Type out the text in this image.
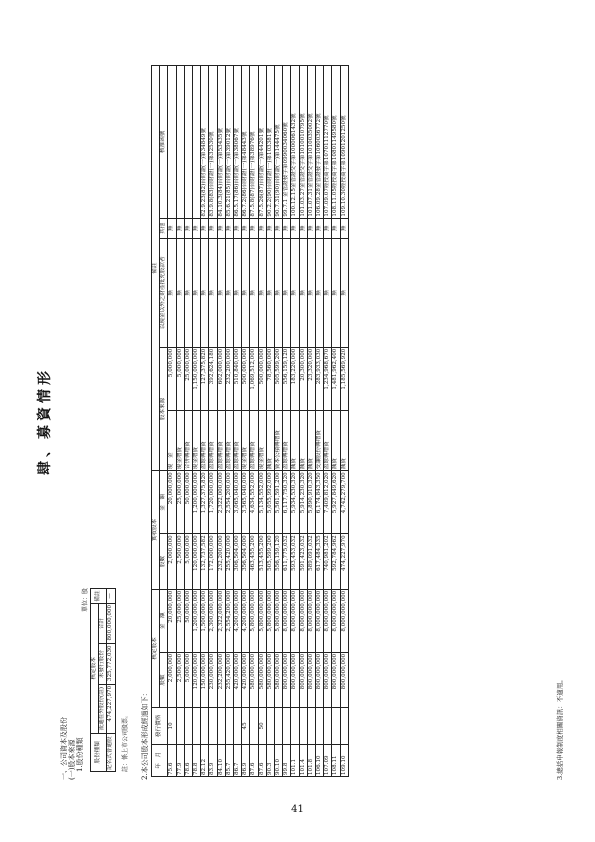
肆、募資情形
一、公司資本及股份 (一)股本來源 1.股份種類
單位：股
股份種類	核定股本			備註
	流通在外股份(註)	未發行股份	合計	
記名式普通股	474,227,970	325,772,030	800,000,000	—
註：係上市公司股票。 2.本公司股本形成經過如下： 年　月	發行價格	核定股本		實收股本		備註				
		股數	金　額	股數	金　額	股本來源		以現金以外之財產抵充股款者	其他	核准函號
75.6	10	2,000,000	20,000,000	2,000,000	20,000,000	現　金	5,000,000	無	無	
77.9		2,500,000	25,000,000	2,500,000	25,000,000	現金增資	5,000,000	無	無	
78.6		5,000,000	50,000,000	5,000,000	50,000,000	合併轉增資	25,000,000	無	無	
78.8		120,000,000	1,200,000,000	120,000,000	1,200,000,000	現金增資	1,150,000,000	無	無	
82.12		150,000,000	1,500,000,000	132,737,582	1,327,375,820	盈餘轉增資	127,375,820	無	無	82.9.23(82)台財證(一)第34849號
83.9		230,000,000	2,300,000,000	172,000,000	1,720,000,000	盈餘轉增資	392,624,180	無	無	83.9.8(83)台財證(一)第32530號
84.10		232,200,000	2,322,000,000	232,200,000	2,322,000,000	盈餘轉增資	602,000,000	無	無	84.10.3(84)台財證(一)第53435號
85.7		255,420,000	2,554,200,000	255,420,000	2,554,200,000	盈餘轉增資	232,200,000	無	無	85.6.21(85)台財證(一)第39012號
86.7		420,000,000	4,200,000,000	306,504,000	3,065,040,000	盈餘轉增資	510,840,000	無	無	86.5.17(86)台財證(一)第38067號
86.9	45	420,000,000	4,200,000,000	356,504,000	3,565,040,000	現金增資	500,000,000	無	無	86.7.2(86)台財證(一)第48443號
87.6		580,000,000	5,800,000,000	463,455,200	4,634,552,000	盈餘轉增資	1,069,512,000	無	無	87.5.8(87)台財證(一)第38976號
87.6	50	580,000,000	5,800,000,000	513,455,200	5,134,552,000	現金增資	500,000,000	無	無	87.5.26(87)台財證(一)第44201號
90.3		580,000,000	5,800,000,000	505,599,200	5,055,992,000	減資	78,560,000	無	無	90.2.2(90)台財證(一)第103381號
90.10		580,000,000	5,800,000,000	556,159,120	5,561,591,200	資本公積轉增資	505,599,200	無	無	90.7.31(90)台財證(一)第144475號
99.8		800,000,000	8,000,000,000	611,775,032	6,117,750,320	盈餘轉增資	556,159,120	無	無	99.7.1 金管證發字第0990034060號
101.1		800,000,000	8,000,000,000	593,453,032	5,934,530,320	減資	183,220,000	無	無	100.12.15金管證交字第1000061432號
101.4		800,000,000	8,000,000,000	591,423,032	5,914,230,320	減資	20,300,000	無	無	101.03.27金管證交字第1010010795號
101.8		800,000,000	8,000,000,000	589,091,032	5,890,910,320	減資	23,320,000	無	無	101.07.31金管證交字第1010035002號
106.10		800,000,000	8,000,000,000	617,484,335	6,174,843,350	受讓股份轉增資	283,933,030	無	無	106.09.28金管證發字第1060036772號
107.09		800,000,000	8,000,000,000	740,981,202	7,409,812,020	盈餘轉增資	1,234,968,670	無	無	107.09.07經授商字第10701112770號
108.11		800,000,000	8,000,000,000	592,784,962	5,927,849,620	減資	1,481,962,400	無	無	108.11.05經授商字第10801149580號
109.10		800,000,000	8,000,000,000	474,227,970	4,742,279,700	減資	1,185,569,920	無	無	109.10.30經授商字第10901201250號
3.總括申報制度相關資訊：不適用。
41
